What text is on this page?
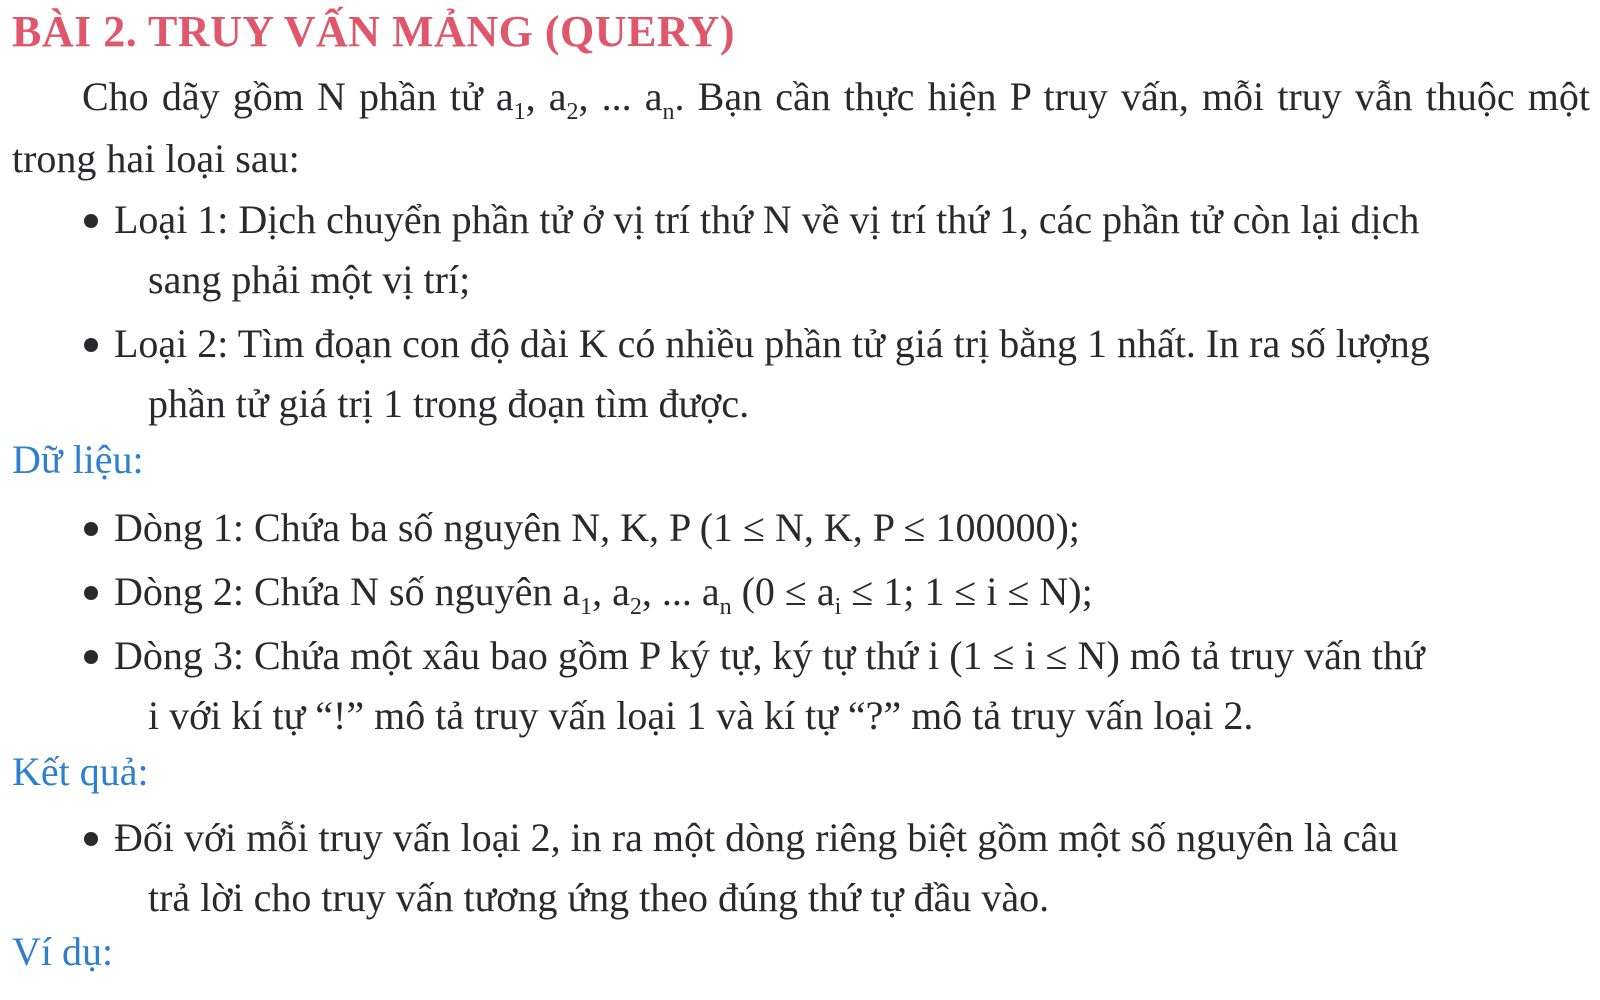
BÀI 2. TRUY VẤN MẢNG (QUERY)
Cho dãy gồm N phần tử $a_1$, $a_2$, ... $a_n$. Bạn cần thực hiện P truy vấn, mỗi truy vẫn thuộc một trong hai loại sau:
Loại 1: Dịch chuyển phần tử ở vị trí thứ N về vị trí thứ 1, các phần tử còn lại dịch
sang phải một vị trí;
Loại 2: Tìm đoạn con độ dài K có nhiều phần tử giá trị bằng 1 nhất. In ra số lượng
phần tử giá trị 1 trong đoạn tìm được.
Dữ liệu:
Dòng 1: Chứa ba số nguyên N, K, P (1 ≤ N, K, P ≤ 100000);
Dòng 2: Chứa N số nguyên $a_1$, $a_2$, ... $a_n$ ($0 \le a_i \le 1$; 1 ≤ i ≤ N);
Dòng 3: Chứa một xâu bao gồm P ký tự, ký tự thứ i (1 ≤ i ≤ N) mô tả truy vấn thứ
i với kí tự “!” mô tả truy vấn loại 1 và kí tự “?” mô tả truy vấn loại 2.
Kết quả:
Đối với mỗi truy vấn loại 2, in ra một dòng riêng biệt gồm một số nguyên là câu
trả lời cho truy vấn tương ứng theo đúng thứ tự đầu vào.
Ví dụ:
